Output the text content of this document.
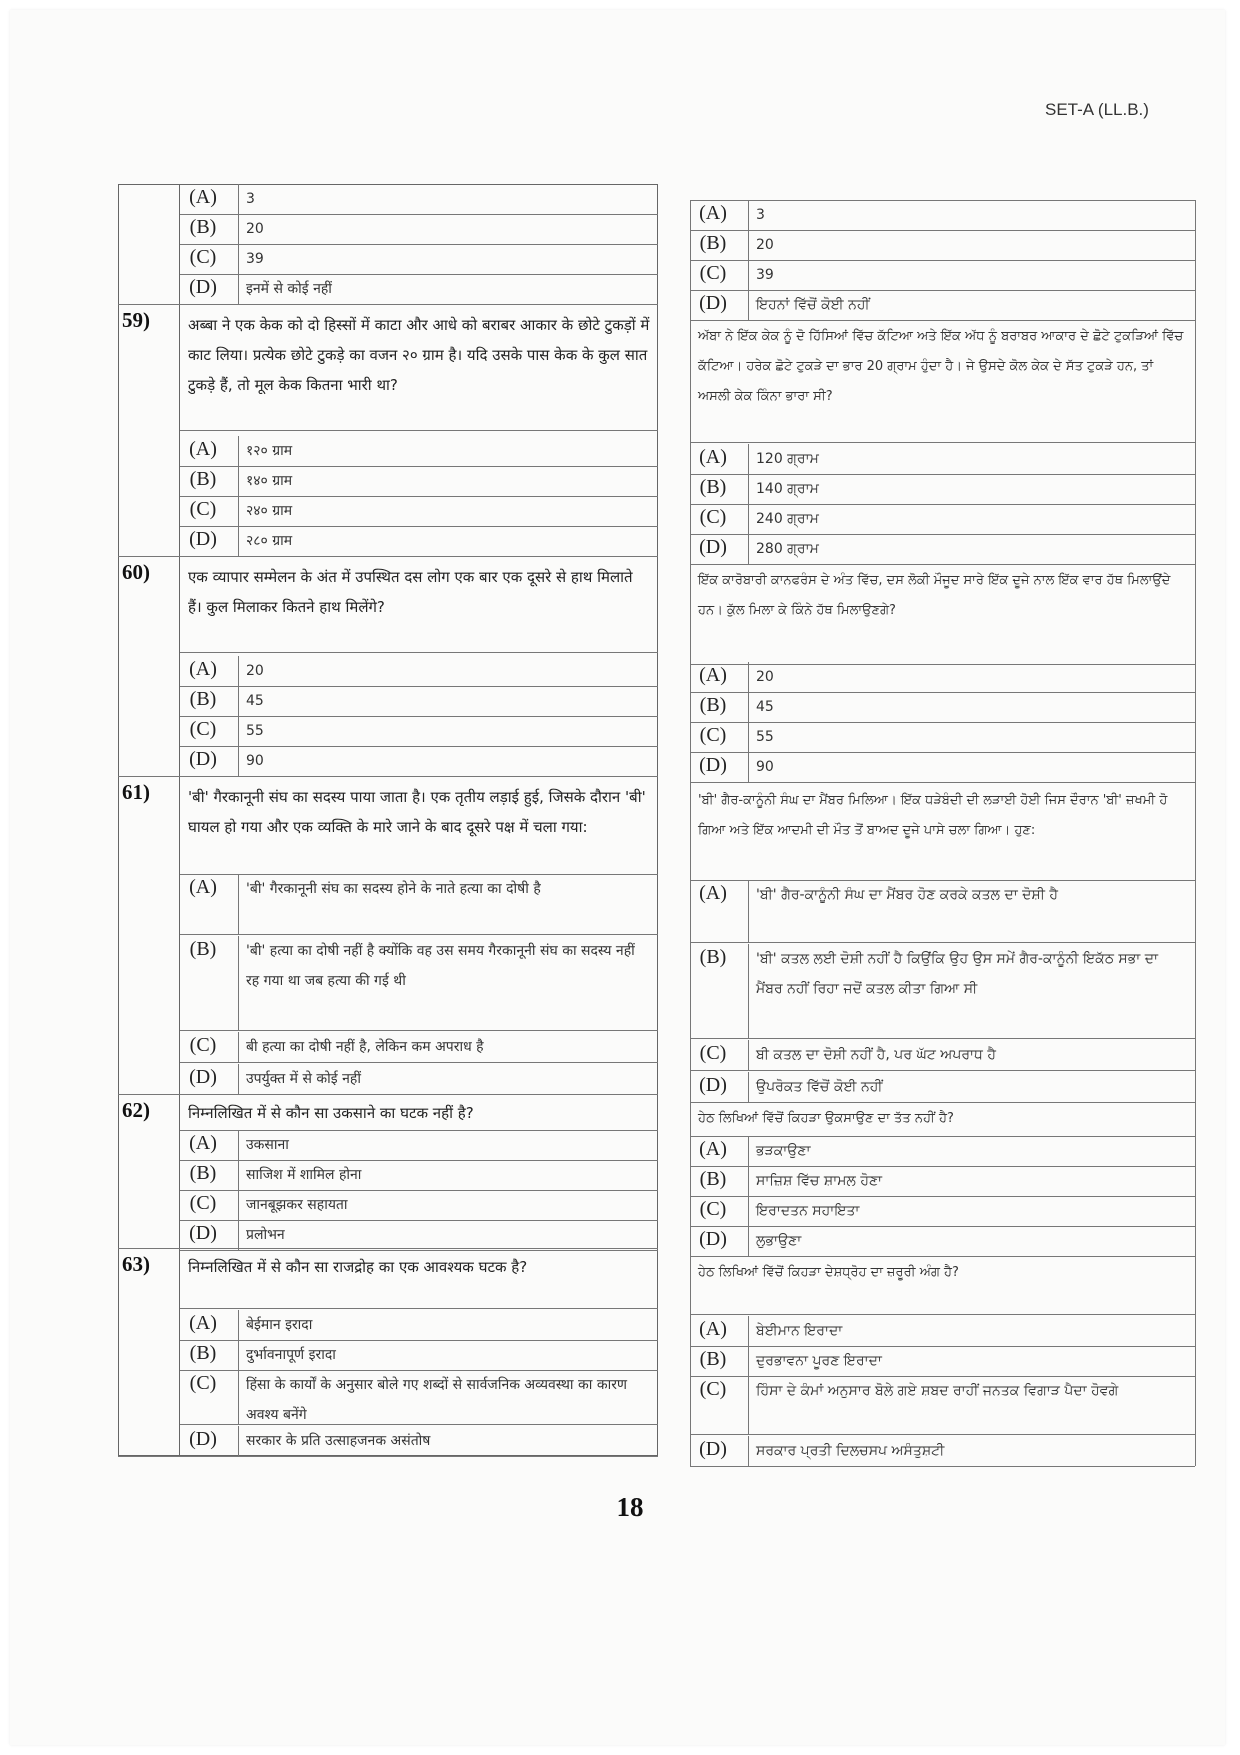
SET-A (LL.B.)
(A)	3
(B)	20
(C)	39
(D)	इनमें से कोई नहीं
(A)	3
(B)	20
(C)	39
(D)	ਇਹਨਾਂ ਵਿੱਚੋਂ ਕੋਈ ਨਹੀਂ
59)	अब्बा ने एक केक को दो हिस्सों में काटा और आधे को बराबर आकार के छोटे टुकड़ों में काट लिया। प्रत्येक छोटे टुकड़े का वजन २० ग्राम है। यदि उसके पास केक के कुल सात टुकड़े हैं, तो मूल केक कितना भारी था?
(A)	१२० ग्राम
(B)	१४० ग्राम
(C)	२४० ग्राम
(D)	२८० ग्राम
ਅੱਬਾ ਨੇ ਇੱਕ ਕੇਕ ਨੂੰ ਦੋ ਹਿੱਸਿਆਂ ਵਿੱਚ ਕੱਟਿਆ ਅਤੇ ਇੱਕ ਅੱਧ ਨੂੰ ਬਰਾਬਰ ਆਕਾਰ ਦੇ ਛੋਟੇ ਟੁਕੜਿਆਂ ਵਿੱਚ ਕੱਟਿਆ। ਹਰੇਕ ਛੋਟੇ ਟੁਕੜੇ ਦਾ ਭਾਰ 20 ਗ੍ਰਾਮ ਹੁੰਦਾ ਹੈ। ਜੇ ਉਸਦੇ ਕੋਲ ਕੇਕ ਦੇ ਸੱਤ ਟੁਕੜੇ ਹਨ, ਤਾਂ ਅਸਲੀ ਕੇਕ ਕਿੰਨਾ ਭਾਰਾ ਸੀ?
(A)	120 ਗ੍ਰਾਮ
(B)	140 ਗ੍ਰਾਮ
(C)	240 ਗ੍ਰਾਮ
(D)	280 ਗ੍ਰਾਮ
60)	एक व्यापार सम्मेलन के अंत में उपस्थित दस लोग एक बार एक दूसरे से हाथ मिलाते हैं। कुल मिलाकर कितने हाथ मिलेंगे?
(A)	20
(B)	45
(C)	55
(D)	90
ਇੱਕ ਕਾਰੋਬਾਰੀ ਕਾਨਫਰੰਸ ਦੇ ਅੰਤ ਵਿੱਚ, ਦਸ ਲੋਕੀ ਮੌਜੂਦ ਸਾਰੇ ਇੱਕ ਦੂਜੇ ਨਾਲ ਇੱਕ ਵਾਰ ਹੱਥ ਮਿਲਾਉਂਦੇ ਹਨ। ਕੁੱਲ ਮਿਲਾ ਕੇ ਕਿੰਨੇ ਹੱਥ ਮਿਲਾਉਣਗੇ?
(A)	20
(B)	45
(C)	55
(D)	90
61)	'बी' गैरकानूनी संघ का सदस्य पाया जाता है। एक तृतीय लड़ाई हुई, जिसके दौरान 'बी' घायल हो गया और एक व्यक्ति के मारे जाने के बाद दूसरे पक्ष में चला गया:
(A)	'बी' गैरकानूनी संघ का सदस्य होने के नाते हत्या का दोषी है
(B)	'बी' हत्या का दोषी नहीं है क्योंकि वह उस समय गैरकानूनी संघ का सदस्य नहीं रह गया था जब हत्या की गई थी
(C)	बी हत्या का दोषी नहीं है, लेकिन कम अपराध है
(D)	उपर्युक्त में से कोई नहीं
'ਬੀ' ਗੈਰ-ਕਾਨੂੰਨੀ ਸੰਘ ਦਾ ਮੈਂਬਰ ਮਿਲਿਆ। ਇੱਕ ਧੜੇਬੰਦੀ ਦੀ ਲੜਾਈ ਹੋਈ ਜਿਸ ਦੌਰਾਨ 'ਬੀ' ਜ਼ਖਮੀ ਹੋ ਗਿਆ ਅਤੇ ਇੱਕ ਆਦਮੀ ਦੀ ਮੌਤ ਤੋਂ ਬਾਅਦ ਦੂਜੇ ਪਾਸੇ ਚਲਾ ਗਿਆ। ਹੁਣ:
(A)	'ਬੀ' ਗੈਰ-ਕਾਨੂੰਨੀ ਸੰਘ ਦਾ ਮੈਂਬਰ ਹੋਣ ਕਰਕੇ ਕਤਲ ਦਾ ਦੋਸ਼ੀ ਹੈ
(B)	'ਬੀ' ਕਤਲ ਲਈ ਦੋਸ਼ੀ ਨਹੀਂ ਹੈ ਕਿਉਂਕਿ ਉਹ ਉਸ ਸਮੇਂ ਗੈਰ-ਕਾਨੂੰਨੀ ਇਕੱਠ ਸਭਾ ਦਾ ਮੈਂਬਰ ਨਹੀਂ ਰਿਹਾ ਜਦੋਂ ਕਤਲ ਕੀਤਾ ਗਿਆ ਸੀ
(C)	ਬੀ ਕਤਲ ਦਾ ਦੋਸ਼ੀ ਨਹੀਂ ਹੈ, ਪਰ ਘੱਟ ਅਪਰਾਧ ਹੈ
(D)	ਉਪਰੋਕਤ ਵਿੱਚੋਂ ਕੋਈ ਨਹੀਂ
62)	निम्नलिखित में से कौन सा उकसाने का घटक नहीं है?
(A)	उकसाना
(B)	साजिश में शामिल होना
(C)	जानबूझकर सहायता
(D)	प्रलोभन
ਹੇਠ ਲਿਖਿਆਂ ਵਿੱਚੋਂ ਕਿਹੜਾ ਉਕਸਾਉਣ ਦਾ ਤੱਤ ਨਹੀਂ ਹੈ?
(A)	ਭੜਕਾਉਣਾ
(B)	ਸਾਜ਼ਿਸ਼ ਵਿੱਚ ਸ਼ਾਮਲ ਹੋਣਾ
(C)	ਇਰਾਦਤਨ ਸਹਾਇਤਾ
(D)	ਲੁਭਾਉਣਾ
63)	निम्नलिखित में से कौन सा राजद्रोह का एक आवश्यक घटक है?
(A)	बेईमान इरादा
(B)	दुर्भावनापूर्ण इरादा
(C)	हिंसा के कार्यों के अनुसार बोले गए शब्दों से सार्वजनिक अव्यवस्था का कारण अवश्य बनेंगे
(D)	सरकार के प्रति उत्साहजनक असंतोष
ਹੇਠ ਲਿਖਿਆਂ ਵਿੱਚੋਂ ਕਿਹੜਾ ਦੇਸ਼ਧ੍ਰੋਹ ਦਾ ਜ਼ਰੂਰੀ ਅੰਗ ਹੈ?
(A)	ਬੇਈਮਾਨ ਇਰਾਦਾ
(B)	ਦੁਰਭਾਵਨਾ ਪੂਰਣ ਇਰਾਦਾ
(C)	ਹਿੰਸਾ ਦੇ ਕੰਮਾਂ ਅਨੁਸਾਰ ਬੋਲੇ ਗਏ ਸ਼ਬਦ ਰਾਹੀਂ ਜਨਤਕ ਵਿਗਾੜ ਪੈਦਾ ਹੋਵਗੇ
(D)	ਸਰਕਾਰ ਪ੍ਰਤੀ ਦਿਲਚਸਪ ਅਸੰਤੁਸ਼ਟੀ
18
